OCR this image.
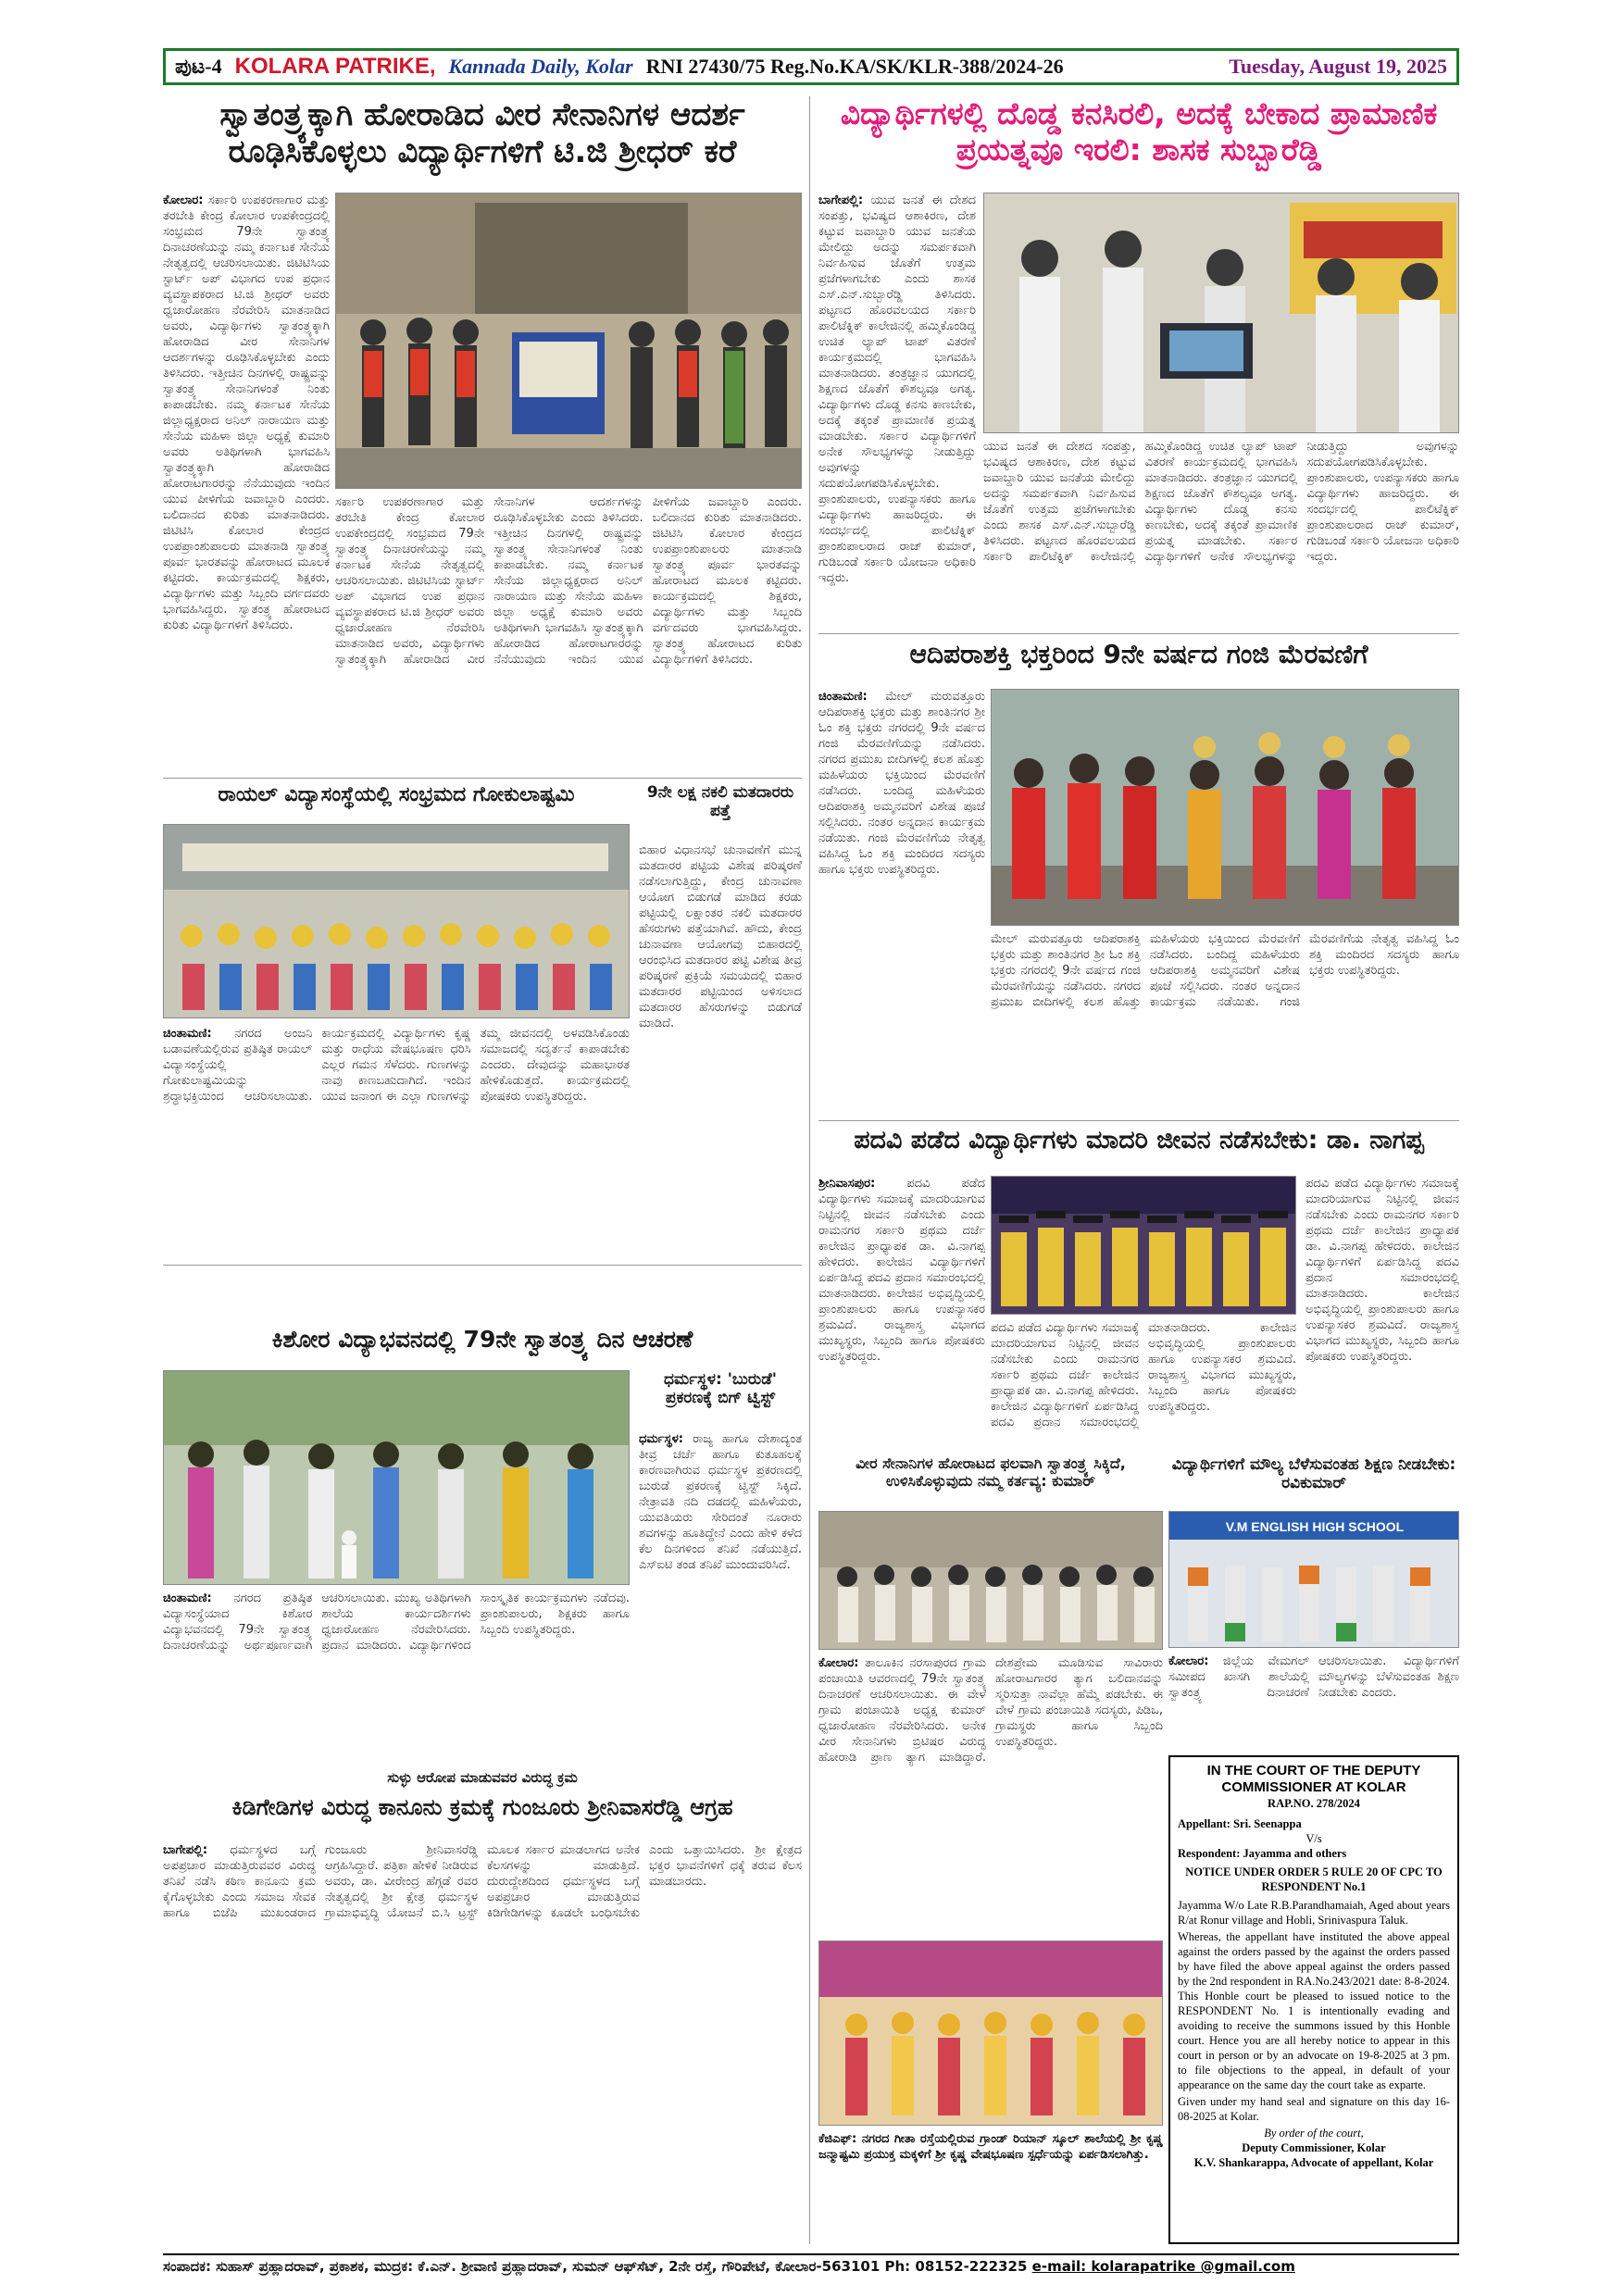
ಪುಟ-4 KOLARA PATRIKE, Kannada Daily, Kolar RNI 27430/75 Reg.No.KA/SK/KLR-388/2024-26	Tuesday, August 19, 2025
ಸ್ವಾತಂತ್ರ್ಯಕ್ಕಾಗಿ ಹೋರಾಡಿದ ವೀರ ಸೇನಾನಿಗಳ ಆದರ್ಶ ರೂಢಿಸಿಕೊಳ್ಳಲು ವಿದ್ಯಾರ್ಥಿಗಳಿಗೆ ಟಿ.ಜಿ ಶ್ರೀಧರ್ ಕರೆ
ಕೋಲಾರ: ಸರ್ಕಾರಿ ಉಪಕರಣಾಗಾರ ಮತ್ತು ತರಬೇತಿ ಕೇಂದ್ರ ಕೋಲಾರ ಉಪಕೇಂದ್ರದಲ್ಲಿ ಸಂಭ್ರಮದ 79ನೇ ಸ್ವಾತಂತ್ರ್ಯ ದಿನಾಚರಣೆಯನ್ನು ನಮ್ಮ ಕರ್ನಾಟಕ ಸೇನೆಯ ನೇತೃತ್ವದಲ್ಲಿ ಆಚರಿಸಲಾಯಿತು. ಜಿಟಿಟಿಸಿಯ ಸ್ಟಾರ್ಟ್ ಅಪ್ ವಿಭಾಗದ ಉಪ ಪ್ರಧಾನ ವ್ಯವಸ್ಥಾಪಕರಾದ ಟಿ.ಜಿ ಶ್ರೀಧರ್ ಅವರು ಧ್ವಜಾರೋಹಣ ನೆರವೇರಿಸಿ ಮಾತನಾಡಿದ ಅವರು, ವಿದ್ಯಾರ್ಥಿಗಳು ಸ್ವಾತಂತ್ರ್ಯಕ್ಕಾಗಿ ಹೋರಾಡಿದ ವೀರ ಸೇನಾನಿಗಳ ಆದರ್ಶಗಳನ್ನು ರೂಢಿಸಿಕೊಳ್ಳಬೇಕು ಎಂದು ತಿಳಿಸಿದರು. ಇತ್ತೀಚಿನ ದಿನಗಳಲ್ಲಿ ರಾಷ್ಟ್ರವನ್ನು ಸ್ವಾತಂತ್ರ್ಯ ಸೇನಾನಿಗಳಂತೆ ನಿಂತು ಕಾಪಾಡಬೇಕು. ನಮ್ಮ ಕರ್ನಾಟಕ ಸೇನೆಯ ಜಿಲ್ಲಾಧ್ಯಕ್ಷರಾದ ಅನಿಲ್ ನಾರಾಯಣ ಮತ್ತು ಸೇನೆಯ ಮಹಿಳಾ ಜಿಲ್ಲಾ ಅಧ್ಯಕ್ಷೆ ಕುಮಾರಿ ಅವರು ಅತಿಥಿಗಳಾಗಿ ಭಾಗವಹಿಸಿ ಸ್ವಾತಂತ್ರ್ಯಕ್ಕಾಗಿ ಹೋರಾಡಿದ ಹೋರಾಟಗಾರರನ್ನು ನೆನೆಯುವುದು ಇಂದಿನ ಯುವ ಪೀಳಿಗೆಯ ಜವಾಬ್ದಾರಿ ಎಂದರು. ಬಲಿದಾನದ ಕುರಿತು ಮಾತನಾಡಿದರು. ಜಿಟಿಟಿಸಿ ಕೋಲಾರ ಕೇಂದ್ರದ ಉಪಪ್ರಾಂಶುಪಾಲರು ಮಾತನಾಡಿ ಸ್ವಾತಂತ್ರ್ಯ ಪೂರ್ವ ಭಾರತವನ್ನು ಹೋರಾಟದ ಮೂಲಕ ಕಟ್ಟಿದರು. ಕಾರ್ಯಕ್ರಮದಲ್ಲಿ ಶಿಕ್ಷಕರು, ವಿದ್ಯಾರ್ಥಿಗಳು ಮತ್ತು ಸಿಬ್ಬಂದಿ ವರ್ಗದವರು ಭಾಗವಹಿಸಿದ್ದರು. ಸ್ವಾತಂತ್ರ್ಯ ಹೋರಾಟದ ಕುರಿತು ವಿದ್ಯಾರ್ಥಿಗಳಿಗೆ ತಿಳಿಸಿದರು.
ಸರ್ಕಾರಿ ಉಪಕರಣಾಗಾರ ಮತ್ತು ತರಬೇತಿ ಕೇಂದ್ರ ಕೋಲಾರ ಉಪಕೇಂದ್ರದಲ್ಲಿ ಸಂಭ್ರಮದ 79ನೇ ಸ್ವಾತಂತ್ರ್ಯ ದಿನಾಚರಣೆಯನ್ನು ನಮ್ಮ ಕರ್ನಾಟಕ ಸೇನೆಯ ನೇತೃತ್ವದಲ್ಲಿ ಆಚರಿಸಲಾಯಿತು. ಜಿಟಿಟಿಸಿಯ ಸ್ಟಾರ್ಟ್ ಅಪ್ ವಿಭಾಗದ ಉಪ ಪ್ರಧಾನ ವ್ಯವಸ್ಥಾಪಕರಾದ ಟಿ.ಜಿ ಶ್ರೀಧರ್ ಅವರು ಧ್ವಜಾರೋಹಣ ನೆರವೇರಿಸಿ ಮಾತನಾಡಿದ ಅವರು, ವಿದ್ಯಾರ್ಥಿಗಳು ಸ್ವಾತಂತ್ರ್ಯಕ್ಕಾಗಿ ಹೋರಾಡಿದ ವೀರ ಸೇನಾನಿಗಳ ಆದರ್ಶಗಳನ್ನು ರೂಢಿಸಿಕೊಳ್ಳಬೇಕು ಎಂದು ತಿಳಿಸಿದರು. ಇತ್ತೀಚಿನ ದಿನಗಳಲ್ಲಿ ರಾಷ್ಟ್ರವನ್ನು ಸ್ವಾತಂತ್ರ್ಯ ಸೇನಾನಿಗಳಂತೆ ನಿಂತು ಕಾಪಾಡಬೇಕು. ನಮ್ಮ ಕರ್ನಾಟಕ ಸೇನೆಯ ಜಿಲ್ಲಾಧ್ಯಕ್ಷರಾದ ಅನಿಲ್ ನಾರಾಯಣ ಮತ್ತು ಸೇನೆಯ ಮಹಿಳಾ ಜಿಲ್ಲಾ ಅಧ್ಯಕ್ಷೆ ಕುಮಾರಿ ಅವರು ಅತಿಥಿಗಳಾಗಿ ಭಾಗವಹಿಸಿ ಸ್ವಾತಂತ್ರ್ಯಕ್ಕಾಗಿ ಹೋರಾಡಿದ ಹೋರಾಟಗಾರರನ್ನು ನೆನೆಯುವುದು ಇಂದಿನ ಯುವ ಪೀಳಿಗೆಯ ಜವಾಬ್ದಾರಿ ಎಂದರು. ಬಲಿದಾನದ ಕುರಿತು ಮಾತನಾಡಿದರು. ಜಿಟಿಟಿಸಿ ಕೋಲಾರ ಕೇಂದ್ರದ ಉಪಪ್ರಾಂಶುಪಾಲರು ಮಾತನಾಡಿ ಸ್ವಾತಂತ್ರ್ಯ ಪೂರ್ವ ಭಾರತವನ್ನು ಹೋರಾಟದ ಮೂಲಕ ಕಟ್ಟಿದರು. ಕಾರ್ಯಕ್ರಮದಲ್ಲಿ ಶಿಕ್ಷಕರು, ವಿದ್ಯಾರ್ಥಿಗಳು ಮತ್ತು ಸಿಬ್ಬಂದಿ ವರ್ಗದವರು ಭಾಗವಹಿಸಿದ್ದರು. ಸ್ವಾತಂತ್ರ್ಯ ಹೋರಾಟದ ಕುರಿತು ವಿದ್ಯಾರ್ಥಿಗಳಿಗೆ ತಿಳಿಸಿದರು.
ವಿದ್ಯಾರ್ಥಿಗಳಲ್ಲಿ ದೊಡ್ಡ ಕನಸಿರಲಿ, ಅದಕ್ಕೆ ಬೇಕಾದ ಪ್ರಾಮಾಣಿಕ ಪ್ರಯತ್ನವೂ ಇರಲಿ: ಶಾಸಕ ಸುಬ್ಬಾರೆಡ್ಡಿ
ಬಾಗೇಪಲ್ಲಿ: ಯುವ ಜನತೆ ಈ ದೇಶದ ಸಂಪತ್ತು, ಭವಿಷ್ಯದ ಆಶಾಕಿರಣ, ದೇಶ ಕಟ್ಟುವ ಜವಾಬ್ದಾರಿ ಯುವ ಜನತೆಯ ಮೇಲಿದ್ದು ಅದನ್ನು ಸಮರ್ಪಕವಾಗಿ ನಿರ್ವಹಿಸುವ ಜೊತೆಗೆ ಉತ್ತಮ ಪ್ರಜೆಗಳಾಗಬೇಕು ಎಂದು ಶಾಸಕ ಎಸ್.ಎನ್.ಸುಬ್ಬಾರೆಡ್ಡಿ ತಿಳಿಸಿದರು. ಪಟ್ಟಣದ ಹೊರವಲಯದ ಸರ್ಕಾರಿ ಪಾಲಿಟೆಕ್ನಿಕ್ ಕಾಲೇಜಿನಲ್ಲಿ ಹಮ್ಮಿಕೊಂಡಿದ್ದ ಉಚಿತ ಲ್ಯಾಪ್ ಟಾಪ್ ವಿತರಣೆ ಕಾರ್ಯಕ್ರಮದಲ್ಲಿ ಭಾಗವಹಿಸಿ ಮಾತನಾಡಿದರು. ತಂತ್ರಜ್ಞಾನ ಯುಗದಲ್ಲಿ ಶಿಕ್ಷಣದ ಜೊತೆಗೆ ಕೌಶಲ್ಯವೂ ಅಗತ್ಯ. ವಿದ್ಯಾರ್ಥಿಗಳು ದೊಡ್ಡ ಕನಸು ಕಾಣಬೇಕು, ಅದಕ್ಕೆ ತಕ್ಕಂತೆ ಪ್ರಾಮಾಣಿಕ ಪ್ರಯತ್ನ ಮಾಡಬೇಕು. ಸರ್ಕಾರ ವಿದ್ಯಾರ್ಥಿಗಳಿಗೆ ಅನೇಕ ಸೌಲಭ್ಯಗಳನ್ನು ನೀಡುತ್ತಿದ್ದು ಅವುಗಳನ್ನು ಸದುಪಯೋಗಪಡಿಸಿಕೊಳ್ಳಬೇಕು. ಪ್ರಾಂಶುಪಾಲರು, ಉಪನ್ಯಾಸಕರು ಹಾಗೂ ವಿದ್ಯಾರ್ಥಿಗಳು ಹಾಜರಿದ್ದರು. ಈ ಸಂದರ್ಭದಲ್ಲಿ ಪಾಲಿಟೆಕ್ನಿಕ್ ಪ್ರಾಂಶುಪಾಲರಾದ ರಾಜ್ ಕುಮಾರ್, ಗುಡಿಬಂಡೆ ಸರ್ಕಾರಿ ಯೋಜನಾ ಅಧಿಕಾರಿ ಇದ್ದರು.
ಯುವ ಜನತೆ ಈ ದೇಶದ ಸಂಪತ್ತು, ಭವಿಷ್ಯದ ಆಶಾಕಿರಣ, ದೇಶ ಕಟ್ಟುವ ಜವಾಬ್ದಾರಿ ಯುವ ಜನತೆಯ ಮೇಲಿದ್ದು ಅದನ್ನು ಸಮರ್ಪಕವಾಗಿ ನಿರ್ವಹಿಸುವ ಜೊತೆಗೆ ಉತ್ತಮ ಪ್ರಜೆಗಳಾಗಬೇಕು ಎಂದು ಶಾಸಕ ಎಸ್.ಎನ್.ಸುಬ್ಬಾರೆಡ್ಡಿ ತಿಳಿಸಿದರು. ಪಟ್ಟಣದ ಹೊರವಲಯದ ಸರ್ಕಾರಿ ಪಾಲಿಟೆಕ್ನಿಕ್ ಕಾಲೇಜಿನಲ್ಲಿ ಹಮ್ಮಿಕೊಂಡಿದ್ದ ಉಚಿತ ಲ್ಯಾಪ್ ಟಾಪ್ ವಿತರಣೆ ಕಾರ್ಯಕ್ರಮದಲ್ಲಿ ಭಾಗವಹಿಸಿ ಮಾತನಾಡಿದರು. ತಂತ್ರಜ್ಞಾನ ಯುಗದಲ್ಲಿ ಶಿಕ್ಷಣದ ಜೊತೆಗೆ ಕೌಶಲ್ಯವೂ ಅಗತ್ಯ. ವಿದ್ಯಾರ್ಥಿಗಳು ದೊಡ್ಡ ಕನಸು ಕಾಣಬೇಕು, ಅದಕ್ಕೆ ತಕ್ಕಂತೆ ಪ್ರಾಮಾಣಿಕ ಪ್ರಯತ್ನ ಮಾಡಬೇಕು. ಸರ್ಕಾರ ವಿದ್ಯಾರ್ಥಿಗಳಿಗೆ ಅನೇಕ ಸೌಲಭ್ಯಗಳನ್ನು ನೀಡುತ್ತಿದ್ದು ಅವುಗಳನ್ನು ಸದುಪಯೋಗಪಡಿಸಿಕೊಳ್ಳಬೇಕು. ಪ್ರಾಂಶುಪಾಲರು, ಉಪನ್ಯಾಸಕರು ಹಾಗೂ ವಿದ್ಯಾರ್ಥಿಗಳು ಹಾಜರಿದ್ದರು. ಈ ಸಂದರ್ಭದಲ್ಲಿ ಪಾಲಿಟೆಕ್ನಿಕ್ ಪ್ರಾಂಶುಪಾಲರಾದ ರಾಜ್ ಕುಮಾರ್, ಗುಡಿಬಂಡೆ ಸರ್ಕಾರಿ ಯೋಜನಾ ಅಧಿಕಾರಿ ಇದ್ದರು.
ಆದಿಪರಾಶಕ್ತಿ ಭಕ್ತರಿಂದ 9ನೇ ವರ್ಷದ ಗಂಜಿ ಮೆರವಣಿಗೆ
ಚಿಂತಾಮಣಿ: ಮೇಲ್ ಮರುವತ್ತೂರು ಆದಿಪರಾಶಕ್ತಿ ಭಕ್ತರು ಮತ್ತು ಶಾಂತಿನಗರ ಶ್ರೀ ಓಂ ಶಕ್ತಿ ಭಕ್ತರು ನಗರದಲ್ಲಿ 9ನೇ ವರ್ಷದ ಗಂಜಿ ಮೆರವಣಿಗೆಯನ್ನು ನಡೆಸಿದರು. ನಗರದ ಪ್ರಮುಖ ಬೀದಿಗಳಲ್ಲಿ ಕಲಶ ಹೊತ್ತು ಮಹಿಳೆಯರು ಭಕ್ತಿಯಿಂದ ಮೆರವಣಿಗೆ ನಡೆಸಿದರು. ಬಂದಿದ್ದ ಮಹಿಳೆಯರು ಆದಿಪರಾಶಕ್ತಿ ಅಮ್ಮನವರಿಗೆ ವಿಶೇಷ ಪೂಜೆ ಸಲ್ಲಿಸಿದರು. ನಂತರ ಅನ್ನದಾನ ಕಾರ್ಯಕ್ರಮ ನಡೆಯಿತು. ಗಂಜಿ ಮೆರವಣಿಗೆಯ ನೇತೃತ್ವ ವಹಿಸಿದ್ದ ಓಂ ಶಕ್ತಿ ಮಂದಿರದ ಸದಸ್ಯರು ಹಾಗೂ ಭಕ್ತರು ಉಪಸ್ಥಿತರಿದ್ದರು.
ಮೇಲ್ ಮರುವತ್ತೂರು ಆದಿಪರಾಶಕ್ತಿ ಭಕ್ತರು ಮತ್ತು ಶಾಂತಿನಗರ ಶ್ರೀ ಓಂ ಶಕ್ತಿ ಭಕ್ತರು ನಗರದಲ್ಲಿ 9ನೇ ವರ್ಷದ ಗಂಜಿ ಮೆರವಣಿಗೆಯನ್ನು ನಡೆಸಿದರು. ನಗರದ ಪ್ರಮುಖ ಬೀದಿಗಳಲ್ಲಿ ಕಲಶ ಹೊತ್ತು ಮಹಿಳೆಯರು ಭಕ್ತಿಯಿಂದ ಮೆರವಣಿಗೆ ನಡೆಸಿದರು. ಬಂದಿದ್ದ ಮಹಿಳೆಯರು ಆದಿಪರಾಶಕ್ತಿ ಅಮ್ಮನವರಿಗೆ ವಿಶೇಷ ಪೂಜೆ ಸಲ್ಲಿಸಿದರು. ನಂತರ ಅನ್ನದಾನ ಕಾರ್ಯಕ್ರಮ ನಡೆಯಿತು. ಗಂಜಿ ಮೆರವಣಿಗೆಯ ನೇತೃತ್ವ ವಹಿಸಿದ್ದ ಓಂ ಶಕ್ತಿ ಮಂದಿರದ ಸದಸ್ಯರು ಹಾಗೂ ಭಕ್ತರು ಉಪಸ್ಥಿತರಿದ್ದರು.
ರಾಯಲ್ ವಿದ್ಯಾಸಂಸ್ಥೆಯಲ್ಲಿ ಸಂಭ್ರಮದ ಗೋಕುಲಾಷ್ಟಮಿ
ಚಿಂತಾಮಣಿ: ನಗರದ ಅಂಜನಿ ಬಡಾವಣೆಯಲ್ಲಿರುವ ಪ್ರತಿಷ್ಠಿತ ರಾಯಲ್ ವಿದ್ಯಾಸಂಸ್ಥೆಯಲ್ಲಿ ಗೋಕುಲಾಷ್ಟಮಿಯನ್ನು ಶ್ರದ್ಧಾಭಕ್ತಿಯಿಂದ ಆಚರಿಸಲಾಯಿತು. ಕಾರ್ಯಕ್ರಮದಲ್ಲಿ ವಿದ್ಯಾರ್ಥಿಗಳು ಕೃಷ್ಣ ಮತ್ತು ರಾಧೆಯ ವೇಷಭೂಷಣ ಧರಿಸಿ ಎಲ್ಲರ ಗಮನ ಸೆಳೆದರು. ಗುಣಗಳನ್ನು ನಾವು ಕಾಣಬಹುದಾಗಿದೆ. ಇಂದಿನ ಯುವ ಜನಾಂಗ ಈ ಎಲ್ಲಾ ಗುಣಗಳನ್ನು ತಮ್ಮ ಜೀವನದಲ್ಲಿ ಅಳವಡಿಸಿಕೊಂಡು ಸಮಾಜದಲ್ಲಿ ಸದ್ವರ್ತನೆ ಕಾಪಾಡಬೇಕು ಎಂದರು. ದೇವುದನ್ನು ಮಹಾಭಾರತ ಹೇಳಿಕೊಡುತ್ತದೆ. ಕಾರ್ಯಕ್ರಮದಲ್ಲಿ ಪೋಷಕರು ಉಪಸ್ಥಿತರಿದ್ದರು.
9ನೇ ಲಕ್ಷ ನಕಲಿ ಮತದಾರರು ಪತ್ತೆ
ಬಿಹಾರ ವಿಧಾನಸಭೆ ಚುನಾವಣೆಗೆ ಮುನ್ನ ಮತದಾರರ ಪಟ್ಟಿಯ ವಿಶೇಷ ಪರಿಷ್ಕರಣೆ ನಡೆಸಲಾಗುತ್ತಿದ್ದು, ಕೇಂದ್ರ ಚುನಾವಣಾ ಆಯೋಗ ಬಿಡುಗಡೆ ಮಾಡಿದ ಕರಡು ಪಟ್ಟಿಯಲ್ಲಿ ಲಕ್ಷಾಂತರ ನಕಲಿ ಮತದಾರರ ಹೆಸರುಗಳು ಪತ್ತೆಯಾಗಿವೆ. ಹೌದು, ಕೇಂದ್ರ ಚುನಾವಣಾ ಆಯೋಗವು ಬಿಹಾರದಲ್ಲಿ ಆರಂಭಿಸಿದ ಮತದಾರರ ಪಟ್ಟಿ ವಿಶೇಷ ತೀವ್ರ ಪರಿಷ್ಕರಣೆ ಪ್ರಕ್ರಿಯೆ ಸಮಯದಲ್ಲಿ ಬಿಹಾರ ಮತದಾರರ ಪಟ್ಟಿಯಿಂದ ಅಳಿಸಲಾದ ಮತದಾರರ ಹೆಸರುಗಳನ್ನು ಬಿಡುಗಡೆ ಮಾಡಿದೆ.
ಪದವಿ ಪಡೆದ ವಿದ್ಯಾರ್ಥಿಗಳು ಮಾದರಿ ಜೀವನ ನಡೆಸಬೇಕು: ಡಾ. ನಾಗಪ್ಪ
ಶ್ರೀನಿವಾಸಪುರ:	ಪದವಿ ಪಡೆದ ವಿದ್ಯಾರ್ಥಿಗಳು ಸಮಾಜಕ್ಕೆ ಮಾದರಿಯಾಗುವ ನಿಟ್ಟಿನಲ್ಲಿ ಜೀವನ ನಡೆಸಬೇಕು ಎಂದು ರಾಮನಗರ ಸರ್ಕಾರಿ ಪ್ರಥಮ ದರ್ಜೆ ಕಾಲೇಜಿನ ಪ್ರಾಧ್ಯಾಪಕ ಡಾ. ವಿ.ನಾಗಪ್ಪ ಹೇಳಿದರು. ಕಾಲೇಜಿನ ವಿದ್ಯಾರ್ಥಿಗಳಿಗೆ ಏರ್ಪಡಿಸಿದ್ದ ಪದವಿ ಪ್ರದಾನ ಸಮಾರಂಭದಲ್ಲಿ ಮಾತನಾಡಿದರು. ಕಾಲೇಜಿನ ಅಭಿವೃದ್ಧಿಯಲ್ಲಿ ಪ್ರಾಂಶುಪಾಲರು ಹಾಗೂ ಉಪನ್ಯಾಸಕರ ಶ್ರಮವಿದೆ. ರಾಜ್ಯಶಾಸ್ತ್ರ ವಿಭಾಗದ ಮುಖ್ಯಸ್ಥರು, ಸಿಬ್ಬಂದಿ ಹಾಗೂ ಪೋಷಕರು ಉಪಸ್ಥಿತರಿದ್ದರು.
ಪದವಿ ಪಡೆದ ವಿದ್ಯಾರ್ಥಿಗಳು ಸಮಾಜಕ್ಕೆ ಮಾದರಿಯಾಗುವ ನಿಟ್ಟಿನಲ್ಲಿ ಜೀವನ ನಡೆಸಬೇಕು ಎಂದು ರಾಮನಗರ ಸರ್ಕಾರಿ ಪ್ರಥಮ ದರ್ಜೆ ಕಾಲೇಜಿನ ಪ್ರಾಧ್ಯಾಪಕ ಡಾ. ವಿ.ನಾಗಪ್ಪ ಹೇಳಿದರು. ಕಾಲೇಜಿನ ವಿದ್ಯಾರ್ಥಿಗಳಿಗೆ ಏರ್ಪಡಿಸಿದ್ದ ಪದವಿ ಪ್ರದಾನ ಸಮಾರಂಭದಲ್ಲಿ ಮಾತನಾಡಿದರು. ಕಾಲೇಜಿನ ಅಭಿವೃದ್ಧಿಯಲ್ಲಿ ಪ್ರಾಂಶುಪಾಲರು ಹಾಗೂ ಉಪನ್ಯಾಸಕರ ಶ್ರಮವಿದೆ. ರಾಜ್ಯಶಾಸ್ತ್ರ ವಿಭಾಗದ ಮುಖ್ಯಸ್ಥರು, ಸಿಬ್ಬಂದಿ ಹಾಗೂ ಪೋಷಕರು ಉಪಸ್ಥಿತರಿದ್ದರು.
ಪದವಿ ಪಡೆದ ವಿದ್ಯಾರ್ಥಿಗಳು ಸಮಾಜಕ್ಕೆ ಮಾದರಿಯಾಗುವ ನಿಟ್ಟಿನಲ್ಲಿ ಜೀವನ ನಡೆಸಬೇಕು ಎಂದು ರಾಮನಗರ ಸರ್ಕಾರಿ ಪ್ರಥಮ ದರ್ಜೆ ಕಾಲೇಜಿನ ಪ್ರಾಧ್ಯಾಪಕ ಡಾ. ವಿ.ನಾಗಪ್ಪ ಹೇಳಿದರು. ಕಾಲೇಜಿನ ವಿದ್ಯಾರ್ಥಿಗಳಿಗೆ ಏರ್ಪಡಿಸಿದ್ದ ಪದವಿ ಪ್ರದಾನ ಸಮಾರಂಭದಲ್ಲಿ ಮಾತನಾಡಿದರು. ಕಾಲೇಜಿನ ಅಭಿವೃದ್ಧಿಯಲ್ಲಿ ಪ್ರಾಂಶುಪಾಲರು ಹಾಗೂ ಉಪನ್ಯಾಸಕರ ಶ್ರಮವಿದೆ. ರಾಜ್ಯಶಾಸ್ತ್ರ ವಿಭಾಗದ ಮುಖ್ಯಸ್ಥರು, ಸಿಬ್ಬಂದಿ ಹಾಗೂ ಪೋಷಕರು ಉಪಸ್ಥಿತರಿದ್ದರು.
ಕಿಶೋರ ವಿದ್ಯಾಭವನದಲ್ಲಿ 79ನೇ ಸ್ವಾತಂತ್ರ್ಯ ದಿನ ಆಚರಣೆ
ಚಿಂತಾಮಣಿ: ನಗರದ ಪ್ರತಿಷ್ಠಿತ ವಿದ್ಯಾಸಂಸ್ಥೆಯಾದ ಕಿಶೋರ ವಿದ್ಯಾಭವನದಲ್ಲಿ 79ನೇ ಸ್ವಾತಂತ್ರ್ಯ ದಿನಾಚರಣೆಯನ್ನು ಅರ್ಥಪೂರ್ಣವಾಗಿ ಆಚರಿಸಲಾಯಿತು. ಮುಖ್ಯ ಅತಿಥಿಗಳಾಗಿ ಶಾಲೆಯ ಕಾರ್ಯದರ್ಶಿಗಳು ಧ್ವಜಾರೋಹಣ ನೆರವೇರಿಸಿದರು. ಪ್ರದಾನ ಮಾಡಿದರು. ವಿದ್ಯಾರ್ಥಿಗಳಿಂದ ಸಾಂಸ್ಕೃತಿಕ ಕಾರ್ಯಕ್ರಮಗಳು ನಡೆದವು. ಪ್ರಾಂಶುಪಾಲರು, ಶಿಕ್ಷಕರು ಹಾಗೂ ಸಿಬ್ಬಂದಿ ಉಪಸ್ಥಿತರಿದ್ದರು.
ಧರ್ಮಸ್ಥಳ: 'ಬುರುಡೆ' ಪ್ರಕರಣಕ್ಕೆ ಬಿಗ್ ಟ್ವಿಸ್ಟ್
ಧರ್ಮಸ್ಥಳ: ರಾಜ್ಯ ಹಾಗೂ ದೇಶಾದ್ಯಂತ ತೀವ್ರ ಚರ್ಚೆ ಹಾಗೂ ಕುತೂಹಲಕ್ಕೆ ಕಾರಣವಾಗಿರುವ ಧರ್ಮಸ್ಥಳ ಪ್ರಕರಣದಲ್ಲಿ ಬುರುಡೆ ಪ್ರಕರಣಕ್ಕೆ ಟ್ವಿಸ್ಟ್ ಸಿಕ್ಕಿದೆ. ನೇತ್ರಾವತಿ ನದಿ ದಡದಲ್ಲಿ ಮಹಿಳೆಯರು, ಯುವತಿಯರು ಸೇರಿದಂತೆ ನೂರಾರು ಶವಗಳನ್ನು ಹೂತಿದ್ದೇನೆ ಎಂದು ಹೇಳಿ ಕಳೆದ ಕೆಲ ದಿನಗಳಿಂದ ತನಿಖೆ ನಡೆಯುತ್ತಿದೆ. ಎಸ್ಐಟಿ ತಂಡ ತನಿಖೆ ಮುಂದುವರಿಸಿದೆ.
ವೀರ ಸೇನಾನಿಗಳ ಹೋರಾಟದ ಫಲವಾಗಿ ಸ್ವಾತಂತ್ರ್ಯ ಸಿಕ್ಕಿದೆ, ಉಳಿಸಿಕೊಳ್ಳುವುದು ನಮ್ಮ ಕರ್ತವ್ಯ: ಕುಮಾರ್
ಕೋಲಾರ: ತಾಲೂಕಿನ ನರಸಾಪುರದ ಗ್ರಾಮ ಪಂಚಾಯಿತಿ ಆವರಣದಲ್ಲಿ 79ನೇ ಸ್ವಾತಂತ್ರ್ಯ ದಿನಾಚರಣೆ ಆಚರಿಸಲಾಯಿತು. ಈ ವೇಳೆ ಗ್ರಾಮ ಪಂಚಾಯಿತಿ ಅಧ್ಯಕ್ಷ ಕುಮಾರ್ ಧ್ವಜಾರೋಹಣ ನೆರವೇರಿಸಿದರು. ಅನೇಕ ವೀರ ಸೇನಾನಿಗಳು ಬ್ರಿಟಿಷರ ವಿರುದ್ಧ ಹೋರಾಡಿ ಪ್ರಾಣ ತ್ಯಾಗ ಮಾಡಿದ್ದಾರೆ. ದೇಶಪ್ರೇಮ ಮೂಡಿಸುವ ಸಾವಿರಾರು ಹೋರಾಟಗಾರರ ತ್ಯಾಗ ಬಲಿದಾನವನ್ನು ಸ್ಮರಿಸುತ್ತಾ ನಾವೆಲ್ಲಾ ಹೆಮ್ಮೆ ಪಡಬೇಕು. ಈ ವೇಳೆ ಗ್ರಾಮ ಪಂಚಾಯಿತಿ ಸದಸ್ಯರು, ಪಿಡಿಒ, ಗ್ರಾಮಸ್ಥರು ಹಾಗೂ ಸಿಬ್ಬಂದಿ ಉಪಸ್ಥಿತರಿದ್ದರು.
ಕೆಜಿಎಫ್: ನಗರದ ಗೀತಾ ರಸ್ತೆಯಲ್ಲಿರುವ ಗ್ರಾಂಡ್ ರಿಯಾನ್ ಸ್ಕೂಲ್ ಶಾಲೆಯಲ್ಲಿ ಶ್ರೀ ಕೃಷ್ಣ ಜನ್ಮಾಷ್ಟಮಿ ಪ್ರಯುಕ್ತ ಮಕ್ಕಳಿಗೆ ಶ್ರೀ ಕೃಷ್ಣ ವೇಷಭೂಷಣ ಸ್ಪರ್ಧೆಯನ್ನು ಏರ್ಪಡಿಸಲಾಗಿತ್ತು.
ವಿದ್ಯಾರ್ಥಿಗಳಿಗೆ ಮೌಲ್ಯ ಬೆಳೆಸುವಂತಹ ಶಿಕ್ಷಣ ನೀಡಬೇಕು: ರವಿಕುಮಾರ್
V.M ENGLISH HIGH SCHOOL
ಕೋಲಾರ: ಜಿಲ್ಲೆಯ ವೇಮಗಲ್ ಸಮೀಪದ ಖಾಸಗಿ ಶಾಲೆಯಲ್ಲಿ ಸ್ವಾತಂತ್ರ್ಯ ದಿನಾಚರಣೆ ಆಚರಿಸಲಾಯಿತು. ವಿದ್ಯಾರ್ಥಿಗಳಿಗೆ ಮೌಲ್ಯಗಳನ್ನು ಬೆಳೆಸುವಂತಹ ಶಿಕ್ಷಣ ನೀಡಬೇಕು ಎಂದರು.
IN THE COURT OF THE DEPUTY COMMISSIONER AT KOLAR
RAP.NO. 278/2024
Appellant: Sri. Seenappa
V/s
Respondent: Jayamma and others
NOTICE UNDER ORDER 5 RULE 20 OF CPC TO RESPONDENT No.1

Jayamma W/o Late R.B.Parandhamaiah, Aged about years R/at Ronur village and Hobli, Srinivaspura Taluk.

Whereas, the appellant have instituted the above appeal against the orders passed by the against the orders passed by have filed the above appeal against the orders passed by the 2nd respondent in RA.No.243/2021 date: 8-8-2024. This Honble court be pleased to issued notice to the RESPONDENT No. 1 is intentionally evading and avoiding to receive the summons issued by this Honble court. Hence you are all hereby notice to appear in this court in person or by an advocate on 19-8-2025 at 3 pm. to file objections to the appeal, in default of your appearance on the same day the court take as exparte.

Given under my hand seal and signature on this day 16-08-2025 at Kolar.

By order of the court,
Deputy Commissioner, Kolar
K.V. Shankarappa, Advocate of appellant, Kolar
ಸುಳ್ಳು ಆರೋಪ ಮಾಡುವವರ ವಿರುದ್ಧ ಕ್ರಮ
ಕಿಡಿಗೇಡಿಗಳ ವಿರುದ್ಧ ಕಾನೂನು ಕ್ರಮಕ್ಕೆ ಗುಂಜೂರು ಶ್ರೀನಿವಾಸರೆಡ್ಡಿ ಆಗ್ರಹ
ಬಾಗೇಪಲ್ಲಿ: ಧರ್ಮಸ್ಥಳದ ಬಗ್ಗೆ ಅಪಪ್ರಚಾರ ಮಾಡುತ್ತಿರುವವರ ವಿರುದ್ಧ ತನಿಖೆ ನಡೆಸಿ ಕಠಿಣ ಕಾನೂನು ಕ್ರಮ ಕೈಗೊಳ್ಳಬೇಕು ಎಂದು ಸಮಾಜ ಸೇವಕ ಹಾಗೂ ಬಿಜೆಪಿ ಮುಖಂಡರಾದ ಗುಂಜೂರು ಶ್ರೀನಿವಾಸರೆಡ್ಡಿ ಆಗ್ರಹಿಸಿದ್ದಾರೆ. ಪತ್ರಿಕಾ ಹೇಳಿಕೆ ನೀಡಿರುವ ಅವರು, ಡಾ. ವೀರೇಂದ್ರ ಹೆಗ್ಗಡೆ ರವರ ನೇತೃತ್ವದಲ್ಲಿ ಶ್ರೀ ಕ್ಷೇತ್ರ ಧರ್ಮಸ್ಥಳ ಗ್ರಾಮಾಭಿವೃದ್ಧಿ ಯೋಜನೆ ಬಿ.ಸಿ ಟ್ರಸ್ಟ್ ಮೂಲಕ ಸರ್ಕಾರ ಮಾಡಲಾಗದ ಅನೇಕ ಕೆಲಸಗಳನ್ನು ಮಾಡುತ್ತಿದೆ. ದುರುದ್ದೇಶದಿಂದ ಧರ್ಮಸ್ಥಳದ ಬಗ್ಗೆ ಅಪಪ್ರಚಾರ ಮಾಡುತ್ತಿರುವ ಕಿಡಿಗೇಡಿಗಳನ್ನು ಕೂಡಲೇ ಬಂಧಿಸಬೇಕು ಎಂದು ಒತ್ತಾಯಿಸಿದರು. ಶ್ರೀ ಕ್ಷೇತ್ರದ ಭಕ್ತರ ಭಾವನೆಗಳಿಗೆ ಧಕ್ಕೆ ತರುವ ಕೆಲಸ ಮಾಡಬಾರದು.
ಸಂಪಾದಕ: ಸುಹಾಸ್ ಪ್ರಹ್ಲಾದರಾವ್, ಪ್ರಕಾಶಕ, ಮುದ್ರಕ: ಕೆ.ಎನ್. ಶ್ರೀವಾಣಿ ಪ್ರಹ್ಲಾದರಾವ್, ಸುಮನ್ ಆಫ್‌ಸೆಟ್, 2ನೇ ರಸ್ತೆ, ಗೌರಿಪೇಟೆ, ಕೋಲಾರ-563101 Ph: 08152-222325 e-mail: kolarapatrike @gmail.com
